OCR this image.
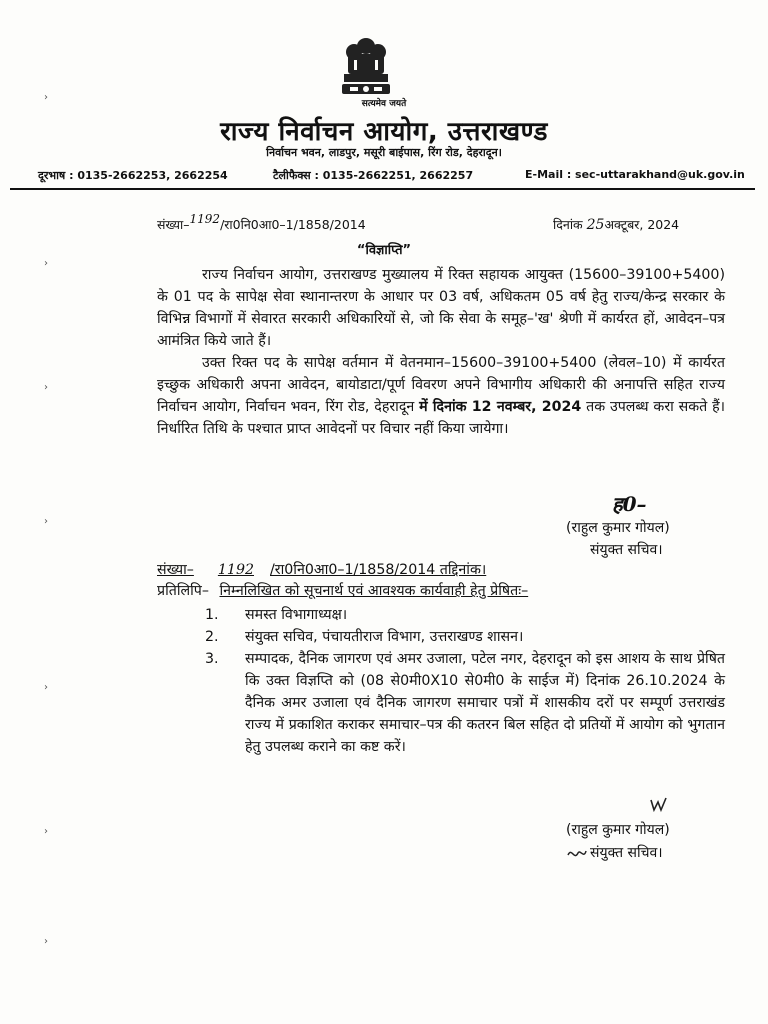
सत्यमेव जयते
राज्य निर्वाचन आयोग, उत्तराखण्ड
निर्वाचन भवन, लाडपुर, मसूरी बाईपास, रिंग रोड, देहरादून।
दूरभाष : 0135-2662253, 2662254	टैलीफैक्स : 0135-2662251, 2662257	E-Mail : sec-uttarakhand@uk.gov.in
संख्या–1192/रा0नि0आ0–1/1858/2014	दिनांक 25अक्टूबर, 2024
“विज्ञाप्ति”

राज्य निर्वाचन आयोग, उत्तराखण्ड मुख्यालय में रिक्त सहायक आयुक्त (15600–39100+5400) के 01 पद के सापेक्ष सेवा स्थानान्तरण के आधार पर 03 वर्ष, अधिकतम 05 वर्ष हेतु राज्य/केन्द्र सरकार के विभिन्न विभागों में सेवारत सरकारी अधिकारियों से, जो कि सेवा के समूह–'ख' श्रेणी में कार्यरत हों, आवेदन–पत्र आमंत्रित किये जाते हैं।

उक्त रिक्त पद के सापेक्ष वर्तमान में वेतनमान–15600–39100+5400 (लेवल–10) में कार्यरत इच्छुक अधिकारी अपना आवेदन, बायोडाटा/पूर्ण विवरण अपने विभागीय अधिकारी की अनापत्ति सहित राज्य निर्वाचन आयोग, निर्वाचन भवन, रिंग रोड, देहरादून में दिनांक 12 नवम्बर, 2024 तक उपलब्ध करा सकते हैं। निर्धारित तिथि के पश्चात प्राप्त आवेदनों पर विचार नहीं किया जायेगा।

ह0–
(राहुल कुमार गोयल)
संयुक्त सचिव।
संख्या– 1192 /रा0नि0आ0–1/1858/2014 तद्दिनांक।
प्रतिलिपि– निम्नलिखित को सूचनार्थ एवं आवश्यक कार्यवाही हेतु प्रेषितः–

1. समस्त विभागाध्यक्ष।

2. संयुक्त सचिव, पंचायतीराज विभाग, उत्तराखण्ड शासन।

3. सम्पादक, दैनिक जागरण एवं अमर उजाला, पटेल नगर, देहरादून को इस आशय के साथ प्रेषित कि उक्त विज्ञप्ति को (08 से0मी0X10 से0मी0 के साईज में) दिनांक 26.10.2024 के दैनिक अमर उजाला एवं दैनिक जागरण समाचार पत्रों में शासकीय दरों पर सम्पूर्ण उत्तराखंड राज्य में प्रकाशित कराकर समाचार–पत्र की कतरन बिल सहित दो प्रतियों में आयोग को भुगतान हेतु उपलब्ध कराने का कष्ट करें।

(राहुल कुमार गोयल)
संयुक्त सचिव।
›
›
›
›
›
›
›
